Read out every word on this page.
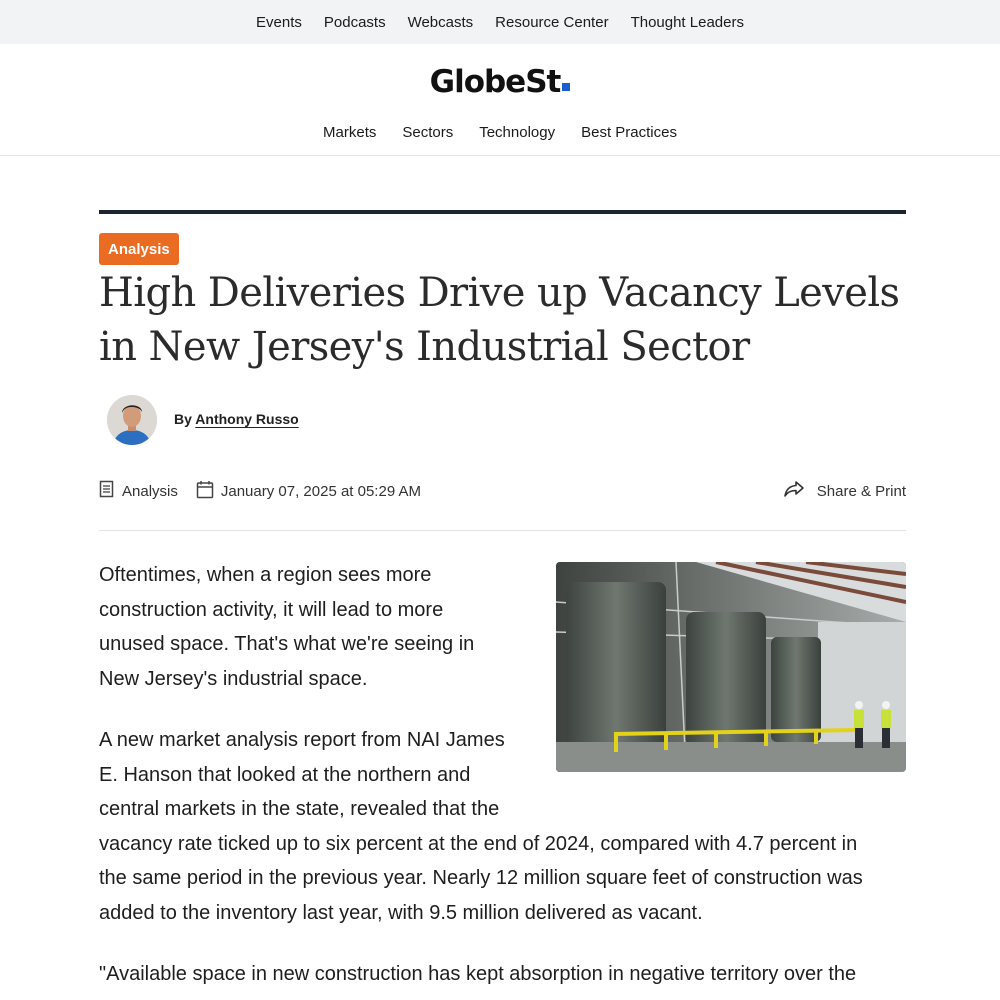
Events Podcasts Webcasts Resource Center Thought Leaders
GlobeSt
Markets Sectors Technology Best Practices
Analysis
High Deliveries Drive up Vacancy Levels
in New Jersey's Industrial Sector
By Anthony Russo
Analysis	January 07, 2025 at 05:29 AM	Share & Print
Oftentimes, when a region sees more
construction activity, it will lead to more
unused space. That's what we're seeing in
New Jersey's industrial space.
A new market analysis report from NAI James
E. Hanson that looked at the northern and
central markets in the state, revealed that the
vacancy rate ticked up to six percent at the end of 2024, compared with 4.7 percent in
the same period in the previous year. Nearly 12 million square feet of construction was
added to the inventory last year, with 9.5 million delivered as vacant.
"Available space in new construction has kept absorption in negative territory over the
